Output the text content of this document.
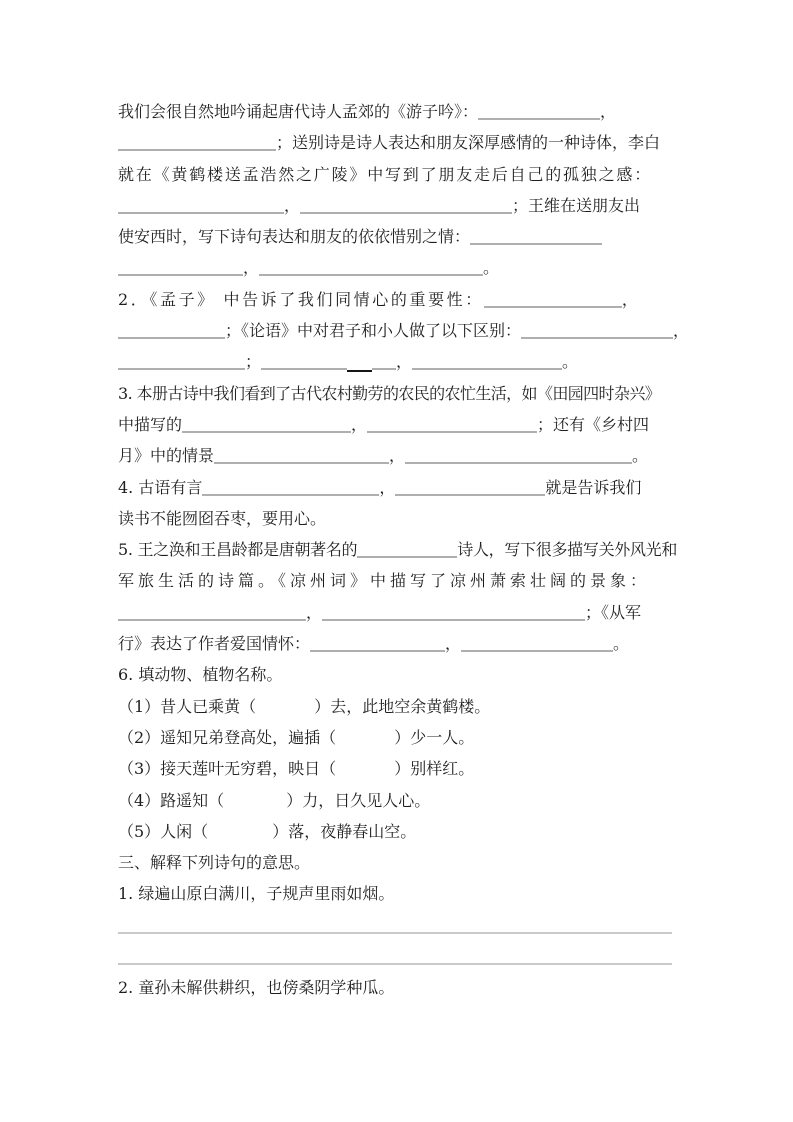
我们会很自然地吟诵起唐代诗人孟郊的《游子吟》：	，
；送别诗是诗人表达和朋友深厚感情的一种诗体，李白
就在《黄鹤楼送孟浩然之广陵》中写到了朋友走后自己的孤独之感：
，	；王维在送朋友出
使安西时，写下诗句表达和朋友的依依惜别之情：
，	。
2．《孟子》 中告诉了我们同情心的重要性：	，
；《论语》中对君子和小人做了以下区别：	，
；	，	。
3. 本册古诗中我们看到了古代农村勤劳的农民的农忙生活，如《田园四时杂兴》
中描写的	，	；还有《乡村四
月》中的情景	，	。
4. 古语有言	，	就是告诉我们
读书不能囫囵吞枣，要用心。
5. 王之涣和王昌龄都是唐朝著名的	诗人，写下很多描写关外风光和
军旅生活的诗篇。《凉州词》中描写了凉州萧索壮阔的景象：
，	；《从军
行》表达了作者爱国情怀：	，	。
6. 填动物、植物名称。
（1）昔人已乘黄（	）去，此地空余黄鹤楼。
（2）遥知兄弟登高处，遍插（	）少一人。
（3）接天莲叶无穷碧，映日（	）别样红。
（4）路遥知（	）力，日久见人心。
（5）人闲（	）落，夜静春山空。
三、解释下列诗句的意思。
1. 绿遍山原白满川，子规声里雨如烟。
2. 童孙未解供耕织，也傍桑阴学种瓜。
